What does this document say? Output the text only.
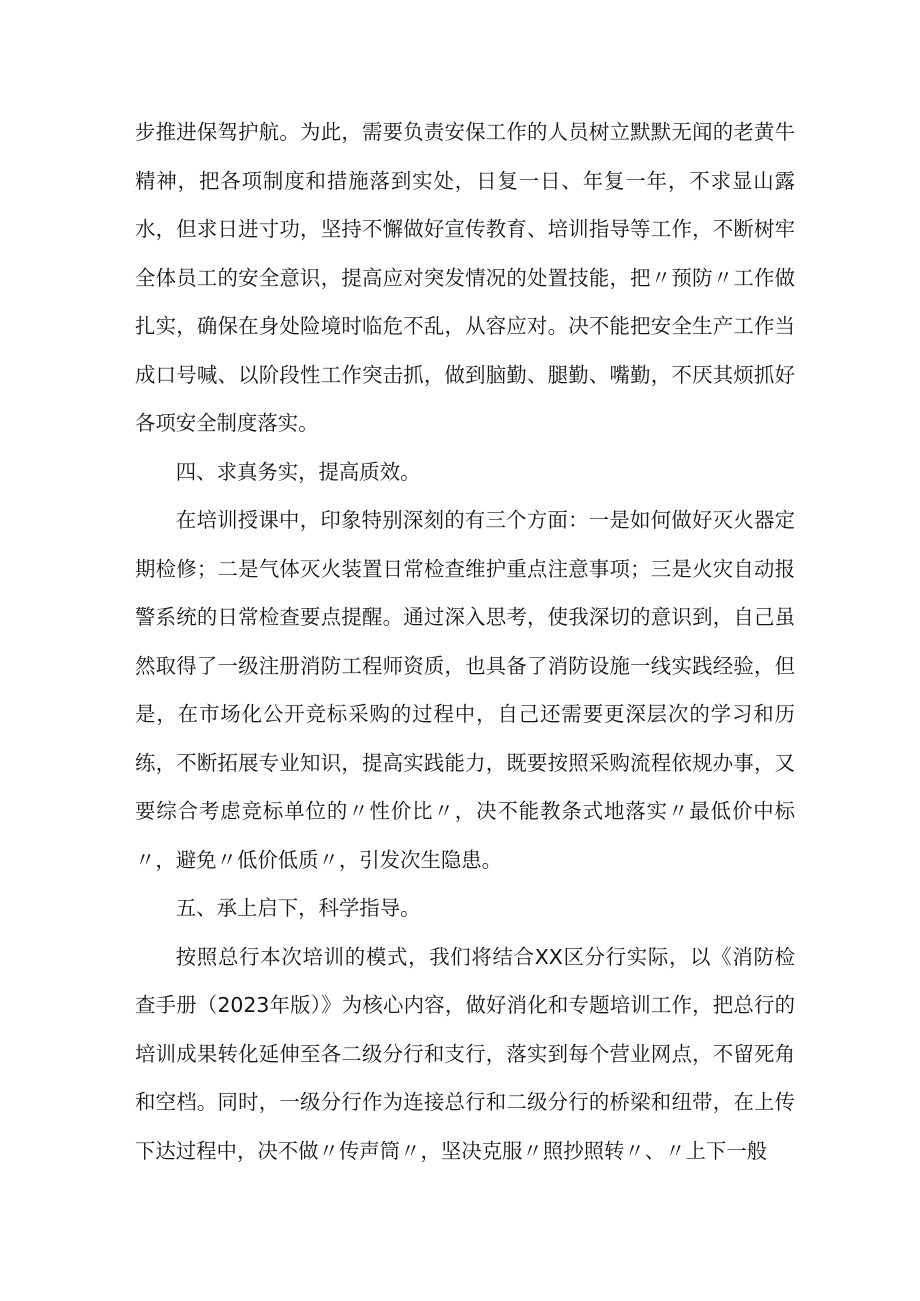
步推进保驾护航。为此，需要负责安保工作的人员树立默默无闻的老黄牛精神，把各项制度和措施落到实处，日复一日、年复一年，不求显山露水，但求日进寸功，坚持不懈做好宣传教育、培训指导等工作，不断树牢全体员工的安全意识，提高应对突发情况的处置技能，把〃预防〃工作做扎实，确保在身处险境时临危不乱，从容应对。决不能把安全生产工作当成口号喊、以阶段性工作突击抓，做到脑勤、腿勤、嘴勤，不厌其烦抓好各项安全制度落实。

四、求真务实，提高质效。

在培训授课中，印象特别深刻的有三个方面：一是如何做好灭火器定期检修；二是气体灭火装置日常检查维护重点注意事项；三是火灾自动报警系统的日常检查要点提醒。通过深入思考，使我深切的意识到，自己虽然取得了一级注册消防工程师资质，也具备了消防设施一线实践经验，但是，在市场化公开竞标采购的过程中，自己还需要更深层次的学习和历练，不断拓展专业知识，提高实践能力，既要按照采购流程依规办事，又要综合考虑竞标单位的〃性价比〃，决不能教条式地落实〃最低价中标〃，避免〃低价低质〃，引发次生隐患。

五、承上启下，科学指导。

按照总行本次培训的模式，我们将结合XX区分行实际，以《消防检查手册（2023年版）》为核心内容，做好消化和专题培训工作，把总行的培训成果转化延伸至各二级分行和支行，落实到每个营业网点，不留死角和空档。同时，一级分行作为连接总行和二级分行的桥梁和纽带，在上传下达过程中，决不做〃传声筒〃，坚决克服〃照抄照转〃、〃上下一般
